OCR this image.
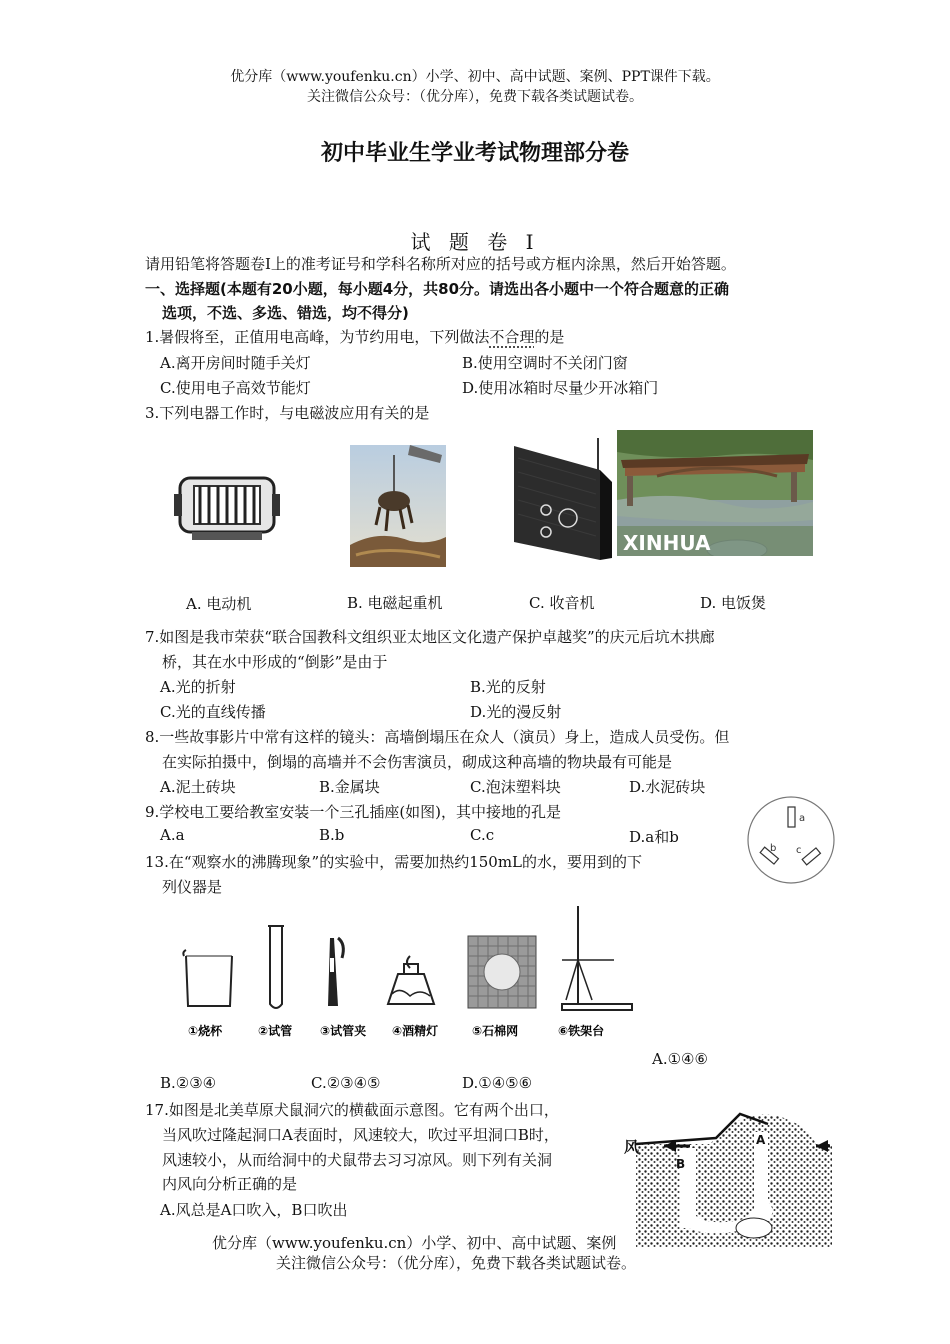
优分库（www.youfenku.cn）小学、初中、高中试题、案例、PPT课件下载。
关注微信公众号：（优分库），免费下载各类试题试卷。
初中毕业生学业考试物理部分卷
试 题 卷 Ⅰ
请用铅笔将答题卷Ⅰ上的准考证号和学科名称所对应的括号或方框内涂黑，然后开始答题。
一、选择题(本题有20小题，每小题4分，共80分。请选出各小题中一个符合题意的正确
选项，不选、多选、错选，均不得分)
1.暑假将至，正值用电高峰，为节约用电，下列做法不合理的是
A.离开房间时随手关灯	B.使用空调时不关闭门窗
C.使用电子高效节能灯	D.使用冰箱时尽量少开冰箱门
3.下列电器工作时，与电磁波应用有关的是
XINHUA
A. 电动机	B. 电磁起重机	C. 收音机	D. 电饭煲
7.如图是我市荣获“联合国教科文组织亚太地区文化遗产保护卓越奖”的庆元后坑木拱廊
桥，其在水中形成的“倒影”是由于
A.光的折射	B.光的反射
C.光的直线传播	D.光的漫反射
8.一些故事影片中常有这样的镜头：高墙倒塌压在众人（演员）身上，造成人员受伤。但
在实际拍摄中，倒塌的高墙并不会伤害演员，砌成这种高墙的物块最有可能是
A.泥土砖块	B.金属块	C.泡沫塑料块	D.水泥砖块
9.学校电工要给教室安装一个三孔插座(如图)，其中接地的孔是
A.a	B.b	C.c	D.a和b
a
b c
13.在“观察水的沸腾现象”的实验中，需要加热约150mL的水，要用到的下
列仪器是
①烧杯	②试管 ③试管夹 ④酒精灯	⑤石棉网	⑥铁架台
A.①④⑥
B.②③④	C.②③④⑤	D.①④⑤⑥
17.如图是北美草原犬鼠洞穴的横截面示意图。它有两个出口，
当风吹过隆起洞口A表面时，风速较大，吹过平坦洞口B时，
风速较小，从而给洞中的犬鼠带去习习凉风。则下列有关洞
内风向分析正确的是
A.风总是A口吹入，B口吹出
风	A
B
优分库（www.youfenku.cn）小学、初中、高中试题、案例
关注微信公众号：（优分库），免费下载各类试题试卷。
